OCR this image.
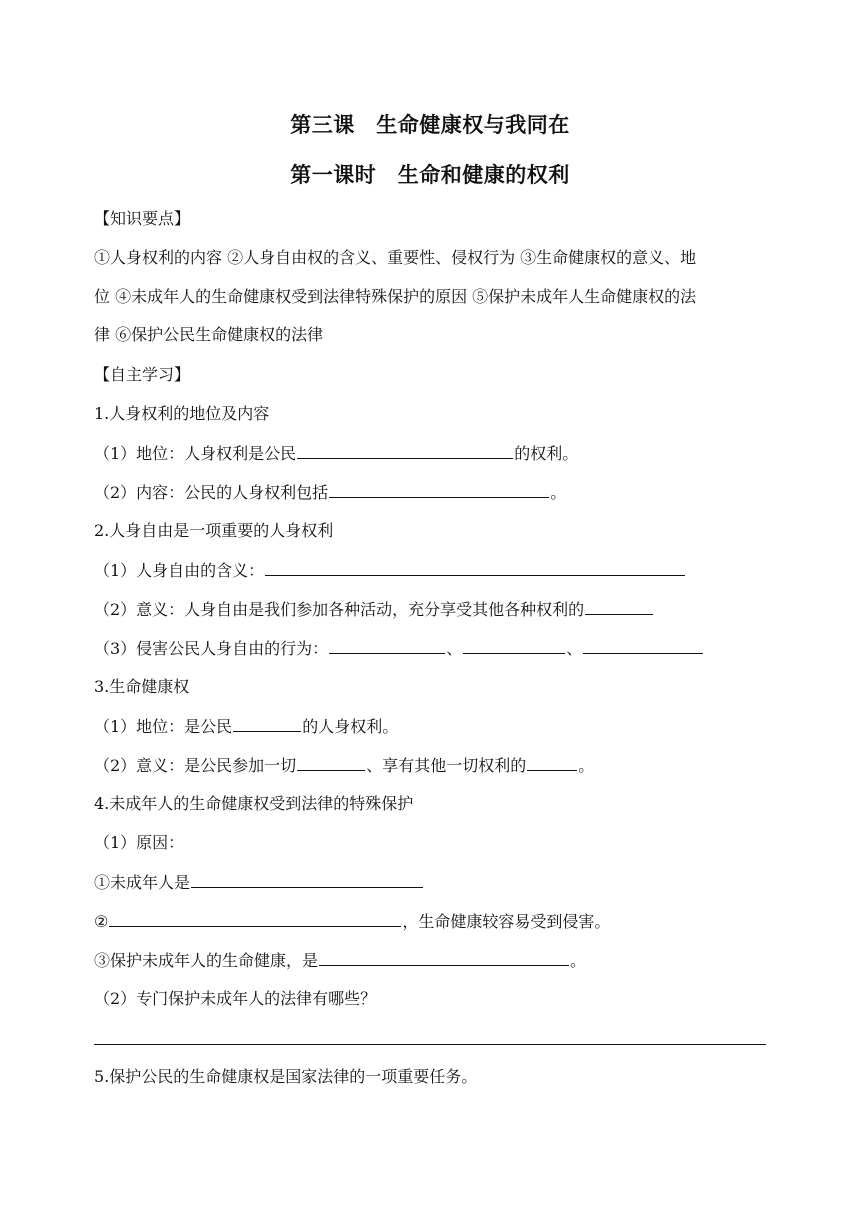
第三课　生命健康权与我同在
第一课时　生命和健康的权利
【知识要点】
①人身权利的内容 ②人身自由权的含义、重要性、侵权行为 ③生命健康权的意义、地
位 ④未成年人的生命健康权受到法律特殊保护的原因 ⑤保护未成年人生命健康权的法
律 ⑥保护公民生命健康权的法律
【自主学习】
1.人身权利的地位及内容
（1）地位：人身权利是公民	的权利。
（2）内容：公民的人身权利包括	。
2.人身自由是一项重要的人身权利
（1）人身自由的含义：
（2）意义：人身自由是我们参加各种活动，充分享受其他各种权利的
（3）侵害公民人身自由的行为：	、	、
3.生命健康权
（1）地位：是公民	的人身权利。
（2）意义：是公民参加一切	、享有其他一切权利的	。
4.未成年人的生命健康权受到法律的特殊保护
（1）原因：
①未成年人是
②	，生命健康较容易受到侵害。
③保护未成年人的生命健康，是	。
（2）专门保护未成年人的法律有哪些？
5.保护公民的生命健康权是国家法律的一项重要任务。
